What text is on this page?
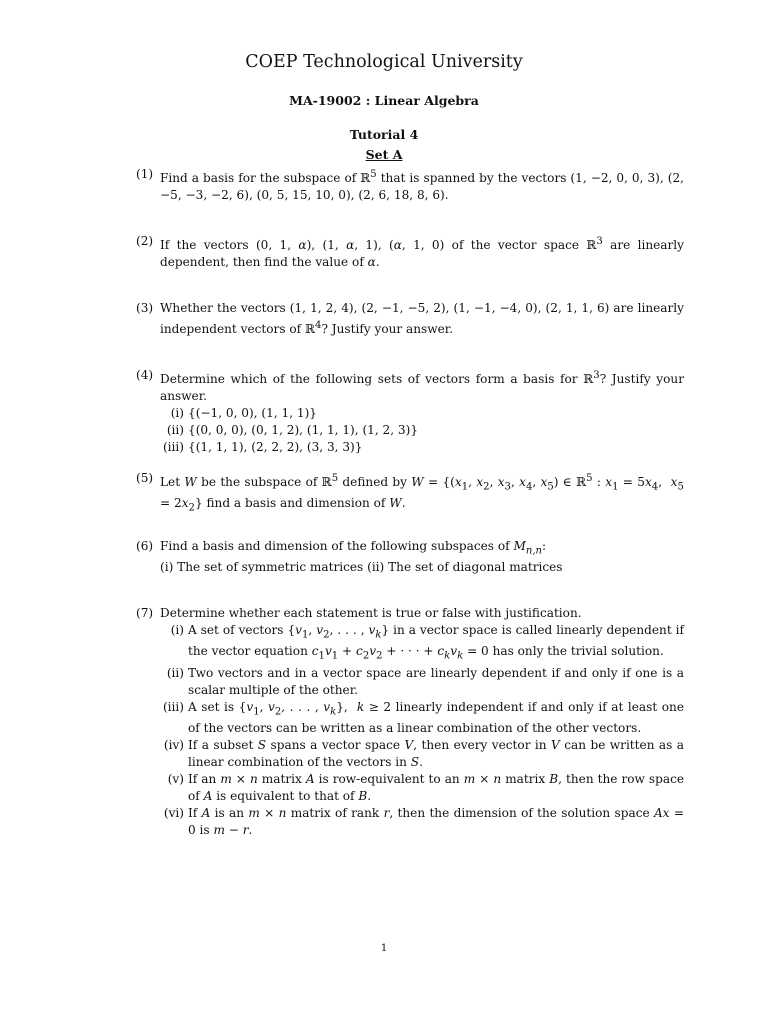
COEP Technological University
MA-19002 : Linear Algebra
Tutorial 4
Set A
(1) Find a basis for the subspace of ℝ$^5$ that is spanned by the vectors (1, −2, 0, 0, 3), (2, −5, −3, −2, 6), (0, 5, 15, 10, 0), (2, 6, 18, 8, 6).
(2) If the vectors (0, 1, α), (1, α, 1), (α, 1, 0) of the vector space ℝ$^3$ are linearly dependent, then find the value of α.
(3) Whether the vectors (1, 1, 2, 4), (2, −1, −5, 2), (1, −1, −4, 0), (2, 1, 1, 6) are linearly independent vectors of ℝ$^4$? Justify your answer.
(4) Determine which of the following sets of vectors form a basis for ℝ$^3$? Justify your answer.
(i) {(−1, 0, 0), (1, 1, 1)}
(ii) {(0, 0, 0), (0, 1, 2), (1, 1, 1), (1, 2, 3)}
(iii) {(1, 1, 1), (2, 2, 2), (3, 3, 3)}
(5) Let W be the subspace of ℝ$^5$ defined by $W = \{(x_1$, $x_2$, $x_3$, $x_4$, $x_5$) ∈ ℝ$^5$ : $x_1 = 5x_4$,  $x_5 = 2x_2$} find a basis and dimension of W.
(6) Find a basis and dimension of the following subspaces of $M_{n,n}$:
(i) The set of symmetric matrices (ii) The set of diagonal matrices
(7) Determine whether each statement is true or false with justification.
(i) A set of vectors {$v_1$, $v_2$, . . . , $v_k$} in a vector space is called linearly dependent if the vector equation $c_1v_1 + c_2v_2$ + · · · + $c_kv_k = 0$ has only the trivial solution.
(ii) Two vectors and in a vector space are linearly dependent if and only if one is a scalar multiple of the other.
(iii) A set is {$v_1$, $v_2$, . . . , $v_k$},  k ≥ 2 linearly independent if and only if at least one of the vectors can be written as a linear combination of the other vectors.
(iv) If a subset S spans a vector space V, then every vector in V can be written as a linear combination of the vectors in S.
(v) If an m × n matrix A is row-equivalent to an m × n matrix B, then the row space of A is equivalent to that of B.
(vi) If A is an m × n matrix of rank r, then the dimension of the solution space Ax = 0 is m − r.
1
